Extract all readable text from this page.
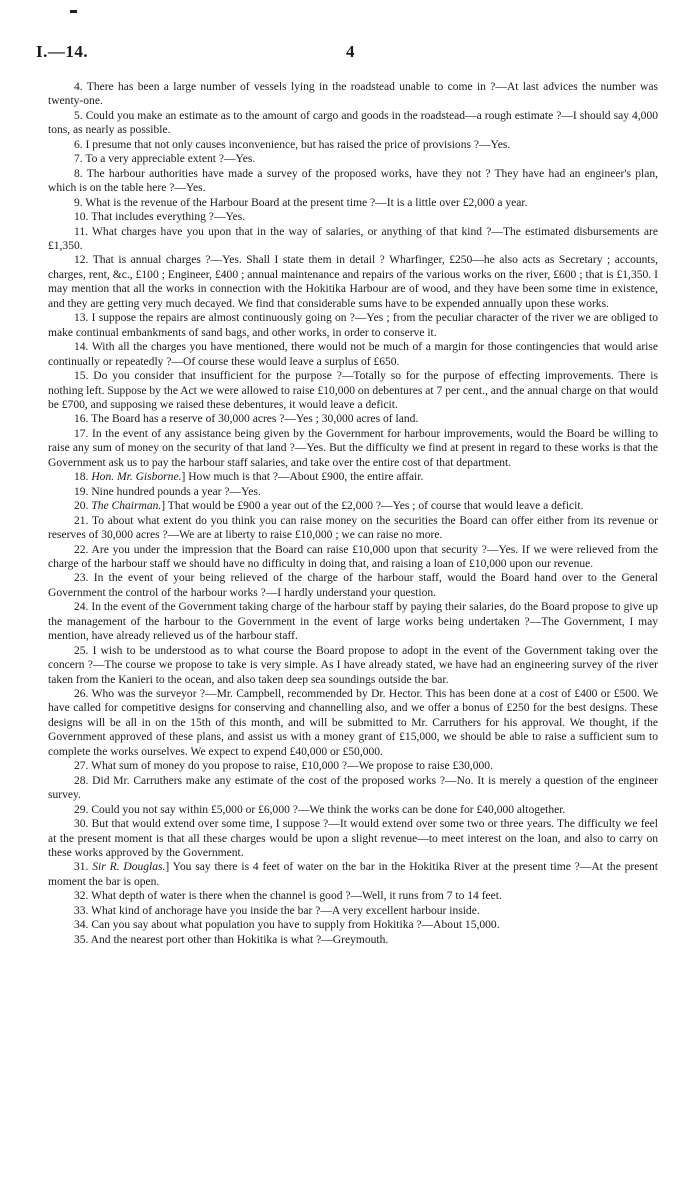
I.—14.	4

4. There has been a large number of vessels lying in the roadstead unable to come in ?—At last advices the number was twenty-one.

5. Could you make an estimate as to the amount of cargo and goods in the roadstead—a rough estimate ?—I should say 4,000 tons, as nearly as possible.

6. I presume that not only causes inconvenience, but has raised the price of provisions ?—Yes.

7. To a very appreciable extent ?—Yes.

8. The harbour authorities have made a survey of the proposed works, have they not ? They have had an engineer's plan, which is on the table here ?—Yes.

9. What is the revenue of the Harbour Board at the present time ?—It is a little over £2,000 a year.

10. That includes everything ?—Yes.

11. What charges have you upon that in the way of salaries, or anything of that kind ?—The estimated disbursements are £1,350.

12. That is annual charges ?—Yes. Shall I state them in detail ? Wharfinger, £250—he also acts as Secretary ; accounts, charges, rent, &c., £100 ; Engineer, £400 ; annual maintenance and repairs of the various works on the river, £600 ; that is £1,350. I may mention that all the works in connection with the Hokitika Harbour are of wood, and they have been some time in existence, and they are getting very much decayed. We find that considerable sums have to be expended annually upon these works.

13. I suppose the repairs are almost continuously going on ?—Yes ; from the peculiar character of the river we are obliged to make continual embankments of sand bags, and other works, in order to conserve it.

14. With all the charges you have mentioned, there would not be much of a margin for those contingencies that would arise continually or repeatedly ?—Of course these would leave a surplus of £650.

15. Do you consider that insufficient for the purpose ?—Totally so for the purpose of effecting improvements. There is nothing left. Suppose by the Act we were allowed to raise £10,000 on debentures at 7 per cent., and the annual charge on that would be £700, and supposing we raised these debentures, it would leave a deficit.

16. The Board has a reserve of 30,000 acres ?—Yes ; 30,000 acres of land.

17. In the event of any assistance being given by the Government for harbour improvements, would the Board be willing to raise any sum of money on the security of that land ?—Yes. But the difficulty we find at present in regard to these works is that the Government ask us to pay the harbour staff salaries, and take over the entire cost of that department.

18. Hon. Mr. Gisborne.] How much is that ?—About £900, the entire affair.

19. Nine hundred pounds a year ?—Yes.

20. The Chairman.] That would be £900 a year out of the £2,000 ?—Yes ; of course that would leave a deficit.

21. To about what extent do you think you can raise money on the securities the Board can offer either from its revenue or reserves of 30,000 acres ?—We are at liberty to raise £10,000 ; we can raise no more.

22. Are you under the impression that the Board can raise £10,000 upon that security ?—Yes. If we were relieved from the charge of the harbour staff we should have no difficulty in doing that, and raising a loan of £10,000 upon our revenue.

23. In the event of your being relieved of the charge of the harbour staff, would the Board hand over to the General Government the control of the harbour works ?—I hardly understand your question.

24. In the event of the Government taking charge of the harbour staff by paying their salaries, do the Board propose to give up the management of the harbour to the Government in the event of large works being undertaken ?—The Government, I may mention, have already relieved us of the harbour staff.

25. I wish to be understood as to what course the Board propose to adopt in the event of the Government taking over the concern ?—The course we propose to take is very simple. As I have already stated, we have had an engineering survey of the river taken from the Kanieri to the ocean, and also taken deep sea soundings outside the bar.

26. Who was the surveyor ?—Mr. Campbell, recommended by Dr. Hector. This has been done at a cost of £400 or £500. We have called for competitive designs for conserving and channelling also, and we offer a bonus of £250 for the best designs. These designs will be all in on the 15th of this month, and will be submitted to Mr. Carruthers for his approval. We thought, if the Government approved of these plans, and assist us with a money grant of £15,000, we should be able to raise a sufficient sum to complete the works ourselves. We expect to expend £40,000 or £50,000.

27. What sum of money do you propose to raise, £10,000 ?—We propose to raise £30,000.

28. Did Mr. Carruthers make any estimate of the cost of the proposed works ?—No. It is merely a question of the engineer survey.

29. Could you not say within £5,000 or £6,000 ?—We think the works can be done for £40,000 altogether.

30. But that would extend over some time, I suppose ?—It would extend over some two or three years. The difficulty we feel at the present moment is that all these charges would be upon a slight revenue—to meet interest on the loan, and also to carry on these works approved by the Government.

31. Sir R. Douglas.] You say there is 4 feet of water on the bar in the Hokitika River at the present time ?—At the present moment the bar is open.

32. What depth of water is there when the channel is good ?—Well, it runs from 7 to 14 feet.

33. What kind of anchorage have you inside the bar ?—A very excellent harbour inside.

34. Can you say about what population you have to supply from Hokitika ?—About 15,000.

35. And the nearest port other than Hokitika is what ?—Greymouth.
